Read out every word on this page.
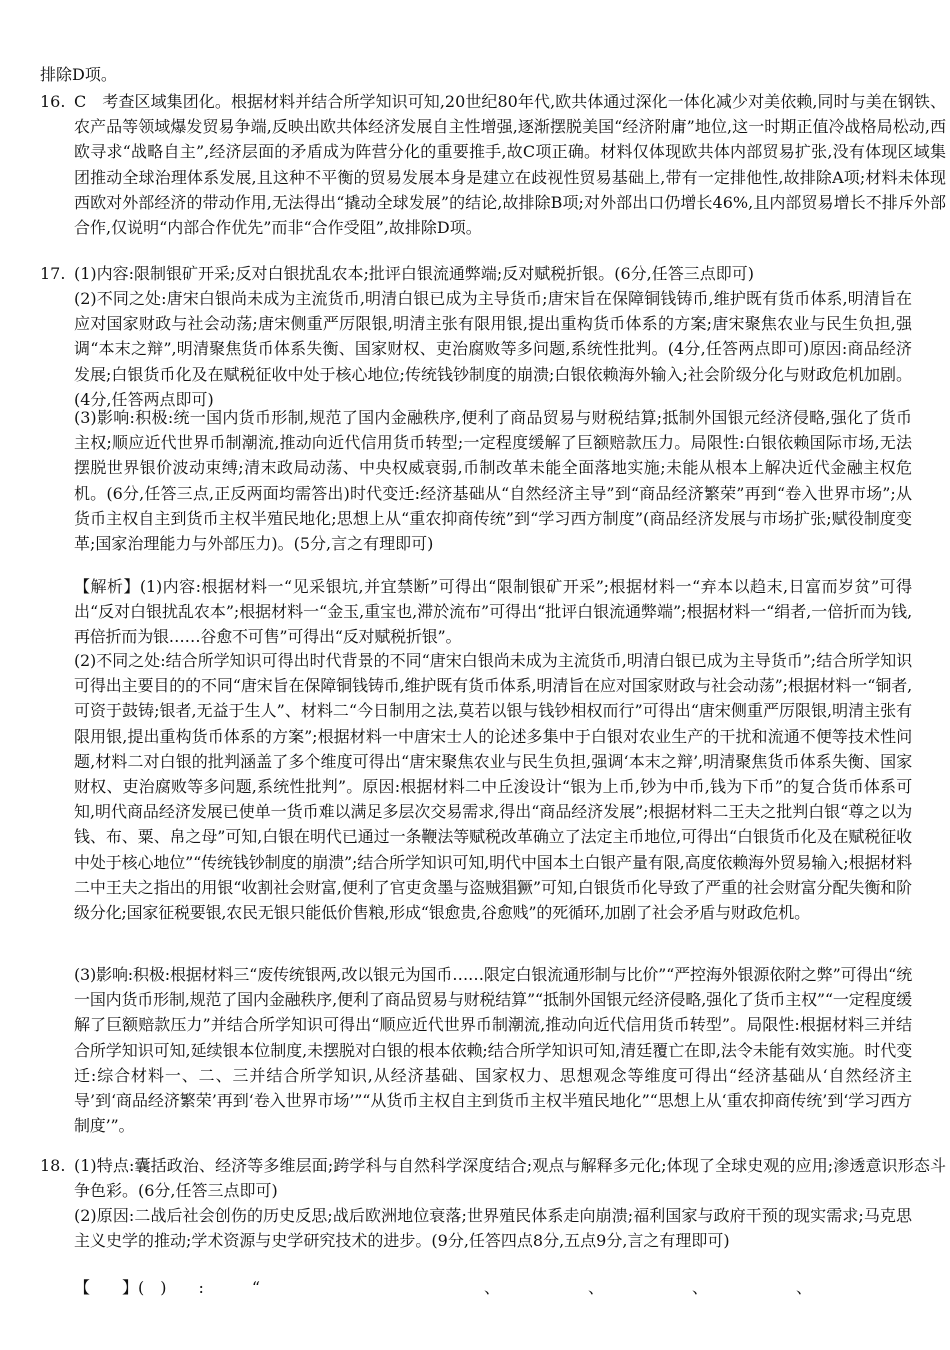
排除D项。

16. C　考查区域集团化。根据材料并结合所学知识可知,20世纪80年代,欧共体通过深化一体化减少对美依赖,同时与美在钢铁、农产品等领域爆发贸易争端,反映出欧共体经济发展自主性增强,逐渐摆脱美国“经济附庸”地位,这一时期正值冷战格局松动,西欧寻求“战略自主”,经济层面的矛盾成为阵营分化的重要推手,故C项正确。材料仅体现欧共体内部贸易扩张,没有体现区域集团推动全球治理体系发展,且这种不平衡的贸易发展本身是建立在歧视性贸易基础上,带有一定排他性,故排除A项;材料未体现西欧对外部经济的带动作用,无法得出“撬动全球发展”的结论,故排除B项;对外部出口仍增长46%,且内部贸易增长不排斥外部合作,仅说明“内部合作优先”而非“合作受阻”,故排除D项。
17. (1)内容:限制银矿开采;反对白银扰乱农本;批评白银流通弊端;反对赋税折银。(6分,任答三点即可)

(2)不同之处:唐宋白银尚未成为主流货币,明清白银已成为主导货币;唐宋旨在保障铜钱铸币,维护既有货币体系,明清旨在应对国家财政与社会动荡;唐宋侧重严厉限银,明清主张有限用银,提出重构货币体系的方案;唐宋聚焦农业与民生负担,强调“本末之辩”,明清聚焦货币体系失衡、国家财权、吏治腐败等多问题,系统性批判。(4分,任答两点即可)原因:商品经济发展;白银货币化及在赋税征收中处于核心地位;传统钱钞制度的崩溃;白银依赖海外输入;社会阶级分化与财政危机加剧。(4分,任答两点即可)

(3)影响:积极:统一国内货币形制,规范了国内金融秩序,便利了商品贸易与财税结算;抵制外国银元经济侵略,强化了货币主权;顺应近代世界币制潮流,推动向近代信用货币转型;一定程度缓解了巨额赔款压力。局限性:白银依赖国际市场,无法摆脱世界银价波动束缚;清末政局动荡、中央权威衰弱,币制改革未能全面落地实施;未能从根本上解决近代金融主权危机。(6分,任答三点,正反两面均需答出)时代变迁:经济基础从“自然经济主导”到“商品经济繁荣”再到“卷入世界市场”;从货币主权自主到货币主权半殖民地化;思想上从“重农抑商传统”到“学习西方制度”(商品经济发展与市场扩张;赋役制度变革;国家治理能力与外部压力)。(5分,言之有理即可)

【解析】(1)内容:根据材料一“见采银坑,并宜禁断”可得出“限制银矿开采”;根据材料一“弃本以趋末,日富而岁贫”可得出“反对白银扰乱农本”;根据材料一“金玉,重宝也,滞於流布”可得出“批评白银流通弊端”;根据材料一“绢者,一倍折而为钱,再倍折而为银……谷愈不可售”可得出“反对赋税折银”。

(2)不同之处:结合所学知识可得出时代背景的不同“唐宋白银尚未成为主流货币,明清白银已成为主导货币”;结合所学知识可得出主要目的的不同“唐宋旨在保障铜钱铸币,维护既有货币体系,明清旨在应对国家财政与社会动荡”;根据材料一“铜者,可资于鼓铸;银者,无益于生人”、材料二“今日制用之法,莫若以银与钱钞相权而行”可得出“唐宋侧重严厉限银,明清主张有限用银,提出重构货币体系的方案”;根据材料一中唐宋士人的论述多集中于白银对农业生产的干扰和流通不便等技术性问题,材料二对白银的批判涵盖了多个维度可得出“唐宋聚焦农业与民生负担,强调‘本末之辩’,明清聚焦货币体系失衡、国家财权、吏治腐败等多问题,系统性批判”。原因:根据材料二中丘浚设计“银为上币,钞为中币,钱为下币”的复合货币体系可知,明代商品经济发展已使单一货币难以满足多层次交易需求,得出“商品经济发展”;根据材料二王夫之批判白银“尊之以为钱、布、粟、帛之母”可知,白银在明代已通过一条鞭法等赋税改革确立了法定主币地位,可得出“白银货币化及在赋税征收中处于核心地位”“传统钱钞制度的崩溃”;结合所学知识可知,明代中国本土白银产量有限,高度依赖海外贸易输入;根据材料二中王夫之指出的用银“收割社会财富,便利了官吏贪墨与盗贼猖獗”可知,白银货币化导致了严重的社会财富分配失衡和阶级分化;国家征税要银,农民无银只能低价售粮,形成“银愈贵,谷愈贱”的死循环,加剧了社会矛盾与财政危机。

(3)影响:积极:根据材料三“废传统银两,改以银元为国币……限定白银流通形制与比价”“严控海外银源依附之弊”可得出“统一国内货币形制,规范了国内金融秩序,便利了商品贸易与财税结算”“抵制外国银元经济侵略,强化了货币主权”“一定程度缓解了巨额赔款压力”并结合所学知识可得出“顺应近代世界币制潮流,推动向近代信用货币转型”。局限性:根据材料三并结合所学知识可知,延续银本位制度,未摆脱对白银的根本依赖;结合所学知识可知,清廷覆亡在即,法令未能有效实施。时代变迁:综合材料一、二、三并结合所学知识,从经济基础、国家权力、思想观念等维度可得出“经济基础从‘自然经济主导’到‘商品经济繁荣’再到‘卷入世界市场’”“从货币主权自主到货币主权半殖民地化”“思想上从‘重农抑商传统’到‘学习西方制度’”。

18. (1)特点:囊括政治、经济等多维层面;跨学科与自然科学深度结合;观点与解释多元化;体现了全球史观的应用;渗透意识形态斗争色彩。(6分,任答三点即可)

(2)原因:二战后社会创伤的历史反思;战后欧洲地位衰落;世界殖民体系走向崩溃;福利国家与政府干预的现实需求;马克思主义史学的推动;学术资源与史学研究技术的进步。(9分,任答四点8分,五点9分,言之有理即可)

【　　】(　)　　:　　　“　　　　　　　　　　　　　　、　　　　　　、　　　　　　、　　　　　　、
